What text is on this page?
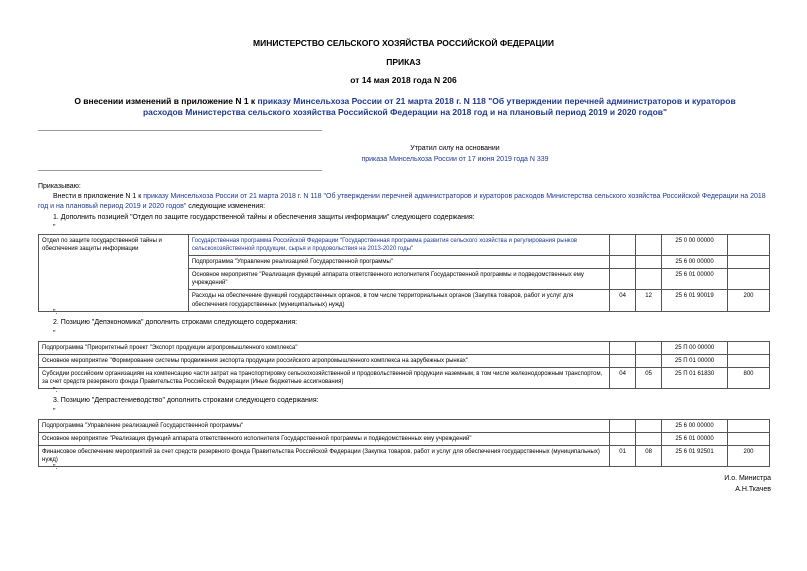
МИНИСТЕРСТВО СЕЛЬСКОГО ХОЗЯЙСТВА РОССИЙСКОЙ ФЕДЕРАЦИИ
ПРИКАЗ
от 14 мая 2018 года N 206
О внесении изменений в приложение N 1 к приказу Минсельхоза России от 21 марта 2018 г. N 118 "Об утверждении перечней администраторов и кураторов расходов Министерства сельского хозяйства Российской Федерации на 2018 год и на плановый период 2019 и 2020 годов"
Утратил силу на основании
приказа Минсельхоза России от 17 июня 2019 года N 339
Приказываю:
Внести в приложение N 1 к приказу Минсельхоза России от 21 марта 2018 г. N 118 "Об утверждении перечней администраторов и кураторов расходов Министерства сельского хозяйства Российской Федерации на 2018 год и на плановый период 2019 и 2020 годов" следующие изменения:
1. Дополнить позицией "Отдел по защите государственной тайны и обеспечения защиты информации" следующего содержания:
"
Отдел по защите государственной тайны и обеспечения защиты информации	Государственная программа Российской Федерации "Государственная программа развития сельского хозяйства и регулирования рынков сельскохозяйственной продукции, сырья и продовольствия на 2013-2020 годы"			25 0 00 00000	
	Подпрограмма "Управление реализацией Государственной программы"			25 6 00 00000	
	Основное мероприятие "Реализация функций аппарата ответственного исполнителя Государственной программы и подведомственных ему учреждений"			25 6 01 00000	
	Расходы на обеспечение функций государственных органов, в том числе территориальных органов (Закупка товаров, работ и услуг для обеспечения государственных (муниципальных) нужд)	04	12	25 6 01 90019	200
".
2. Позицию "Депэкономика" дополнить строками следующего содержания:
"
Подпрограмма "Приоритетный проект "Экспорт продукции агропромышленного комплекса"			25 П 00 00000	
Основное мероприятие "Формирование системы продвижения экспорта продукции российского агропромышленного комплекса на зарубежных рынках"			25 П 01 00000	
Субсидии российским организациям на компенсацию части затрат на транспортировку сельскохозяйственной и продовольственной продукции наземным, в том числе железнодорожным транспортом, за счет средств резервного фонда Правительства Российской Федерации (Иные бюджетные ассигнования)	04	05	25 П 01 61830	800
".
3. Позицию "Депрастениеводство" дополнить строками следующего содержания:
"
Подпрограмма "Управление реализацией Государственной программы"			25 6 00 00000	
Основное мероприятие "Реализация функций аппарата ответственного исполнителя Государственной программы и подведомственных ему учреждений"			25 6 01 00000	
Финансовое обеспечение мероприятий за счет средств резервного фонда Правительства Российской Федерации (Закупка товаров, работ и услуг для обеспечения государственных (муниципальных) нужд)	01	08	25 6 01 92501	200
".
И.о. Министра
А.Н.Ткачев
